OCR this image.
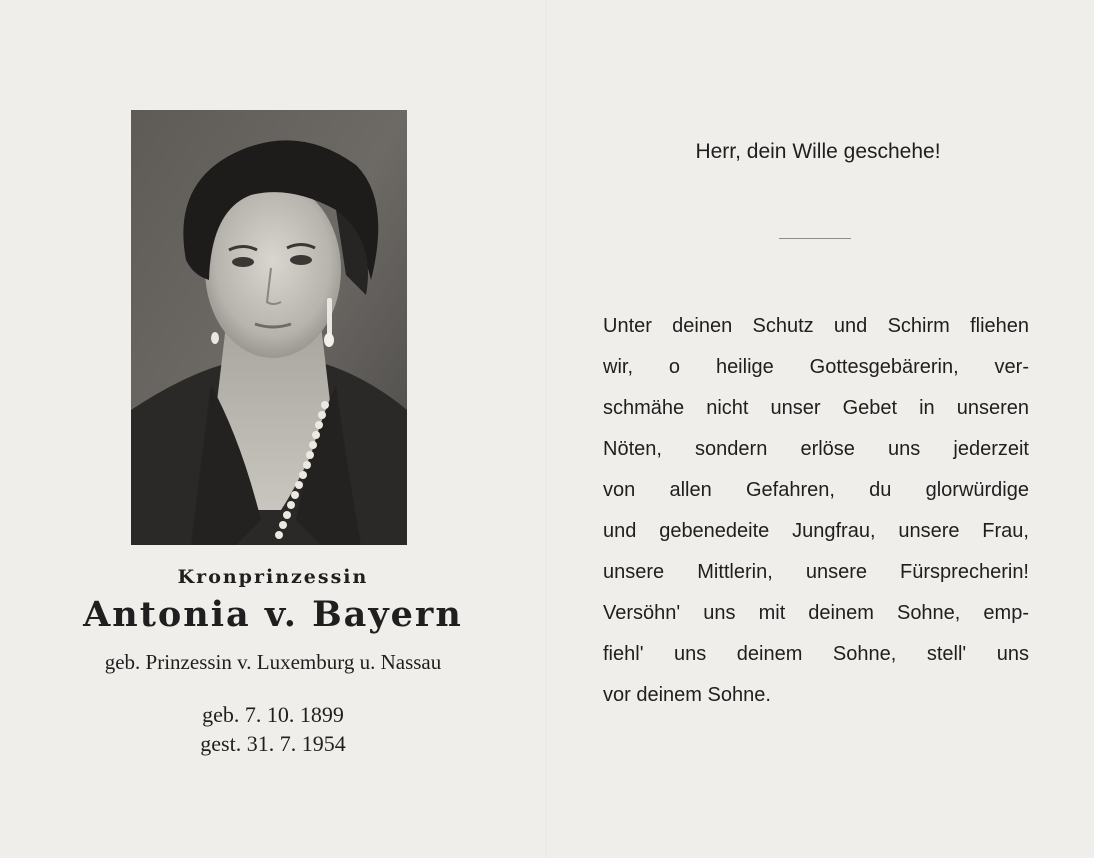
Kronprinzessin
Antonia v. Bayern
geb. Prinzessin v. Luxemburg u. Nassau
geb. 7. 10. 1899
gest. 31. 7. 1954
Herr, dein Wille geschehe!
Unter deinen Schutz und Schirm fliehen
wir, o heilige Gottesgebärerin, ver-
schmähe nicht unser Gebet in unseren
Nöten, sondern erlöse uns jederzeit
von allen Gefahren, du glorwürdige
und gebenedeite Jungfrau, unsere Frau,
unsere Mittlerin, unsere Fürsprecherin!
Versöhn' uns mit deinem Sohne, emp-
fiehl' uns deinem Sohne, stell' uns
vor deinem Sohne.
